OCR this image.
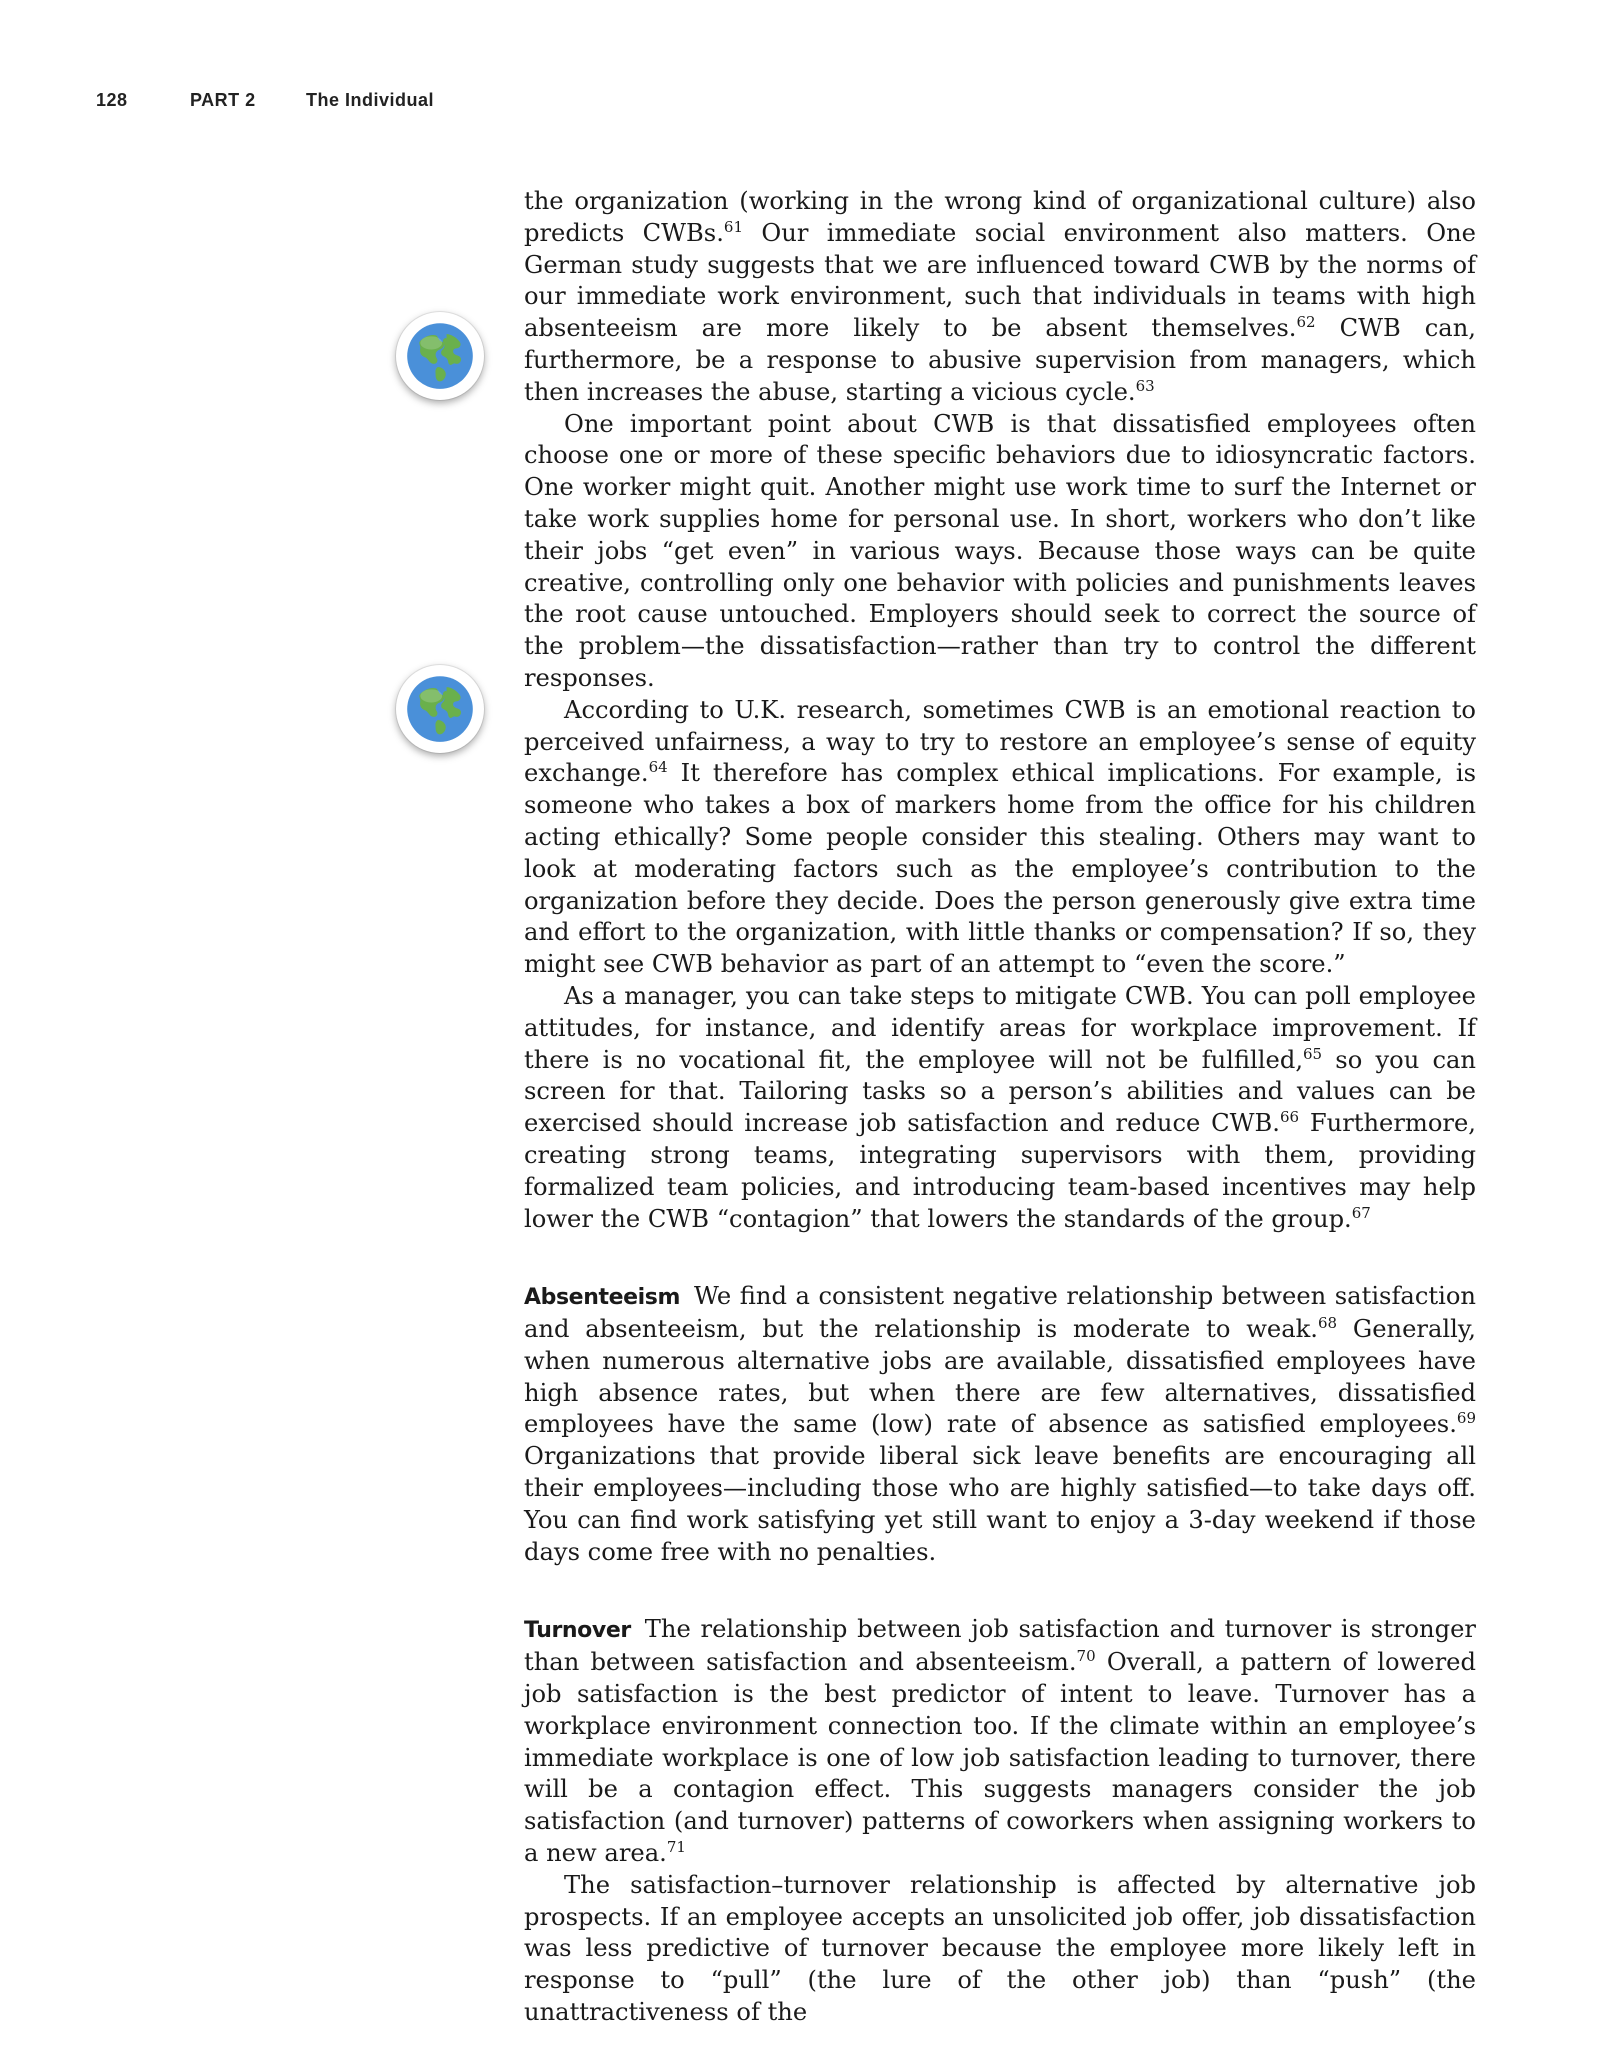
128	PART 2	The Individual

the organization (working in the wrong kind of organizational culture) also predicts CWBs.$^{61}$ Our immediate social environment also matters. One German study suggests that we are influenced toward CWB by the norms of our immediate work environment, such that individuals in teams with high absenteeism are more likely to be absent themselves.$^{62}$ CWB can, furthermore, be a response to abusive supervision from managers, which then increases the abuse, starting a vicious cycle.$^{63}$

One important point about CWB is that dissatisfied employees often choose one or more of these specific behaviors due to idiosyncratic factors. One worker might quit. Another might use work time to surf the Internet or take work supplies home for personal use. In short, workers who don’t like their jobs “get even” in various ways. Because those ways can be quite creative, controlling only one behavior with policies and punishments leaves the root cause untouched. Employers should seek to correct the source of the problem—the dissatisfaction—rather than try to control the different responses.

According to U.K. research, sometimes CWB is an emotional reaction to perceived unfairness, a way to try to restore an employee’s sense of equity exchange.$^{64}$ It therefore has complex ethical implications. For example, is someone who takes a box of markers home from the office for his children acting ethically? Some people consider this stealing. Others may want to look at moderating factors such as the employee’s contribution to the organization before they decide. Does the person generously give extra time and effort to the organization, with little thanks or compensation? If so, they might see CWB behavior as part of an attempt to “even the score.”

As a manager, you can take steps to mitigate CWB. You can poll employee attitudes, for instance, and identify areas for workplace improvement. If there is no vocational fit, the employee will not be fulfilled,$^{65}$ so you can screen for that. Tailoring tasks so a person’s abilities and values can be exercised should increase job satisfaction and reduce CWB.$^{66}$ Furthermore, creating strong teams, integrating supervisors with them, providing formalized team policies, and introducing team-based incentives may help lower the CWB “contagion” that lowers the standards of the group.$^{67}$

Absenteeism We find a consistent negative relationship between satisfaction and absenteeism, but the relationship is moderate to weak.$^{68}$ Generally, when numerous alternative jobs are available, dissatisfied employees have high absence rates, but when there are few alternatives, dissatisfied employees have the same (low) rate of absence as satisfied employees.$^{69}$ Organizations that provide liberal sick leave benefits are encouraging all their employees—including those who are highly satisfied—to take days off. You can find work satisfying yet still want to enjoy a 3-day weekend if those days come free with no penalties.

Turnover The relationship between job satisfaction and turnover is stronger than between satisfaction and absenteeism.$^{70}$ Overall, a pattern of lowered job satisfaction is the best predictor of intent to leave. Turnover has a workplace environment connection too. If the climate within an employee’s immediate workplace is one of low job satisfaction leading to turnover, there will be a contagion effect. This suggests managers consider the job satisfaction (and turnover) patterns of coworkers when assigning workers to a new area.$^{71}$

The satisfaction–turnover relationship is affected by alternative job prospects. If an employee accepts an unsolicited job offer, job dissatisfaction was less predictive of turnover because the employee more likely left in response to “pull” (the lure of the other job) than “push” (the unattractiveness of the
